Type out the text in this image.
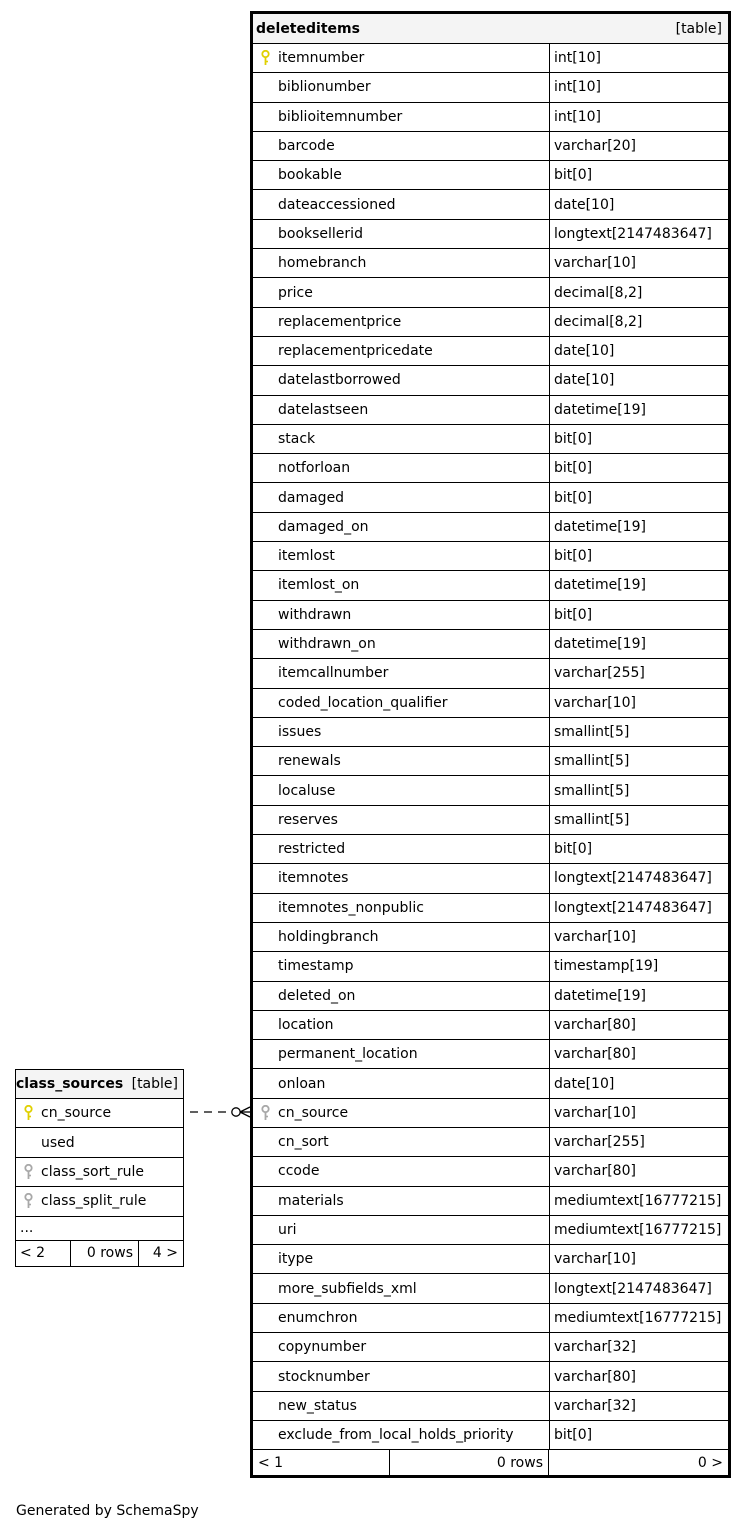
deleteditems	[table]
itemnumber	int[10]
biblionumber	int[10]
biblioitemnumber	int[10]
barcode	varchar[20]
bookable	bit[0]
dateaccessioned	date[10]
booksellerid	longtext[2147483647]
homebranch	varchar[10]
price	decimal[8,2]
replacementprice	decimal[8,2]
replacementpricedate	date[10]
datelastborrowed	date[10]
datelastseen	datetime[19]
stack	bit[0]
notforloan	bit[0]
damaged	bit[0]
damaged_on	datetime[19]
itemlost	bit[0]
itemlost_on	datetime[19]
withdrawn	bit[0]
withdrawn_on	datetime[19]
itemcallnumber	varchar[255]
coded_location_qualifier	varchar[10]
issues	smallint[5]
renewals	smallint[5]
localuse	smallint[5]
reserves	smallint[5]
restricted	bit[0]
itemnotes	longtext[2147483647]
itemnotes_nonpublic	longtext[2147483647]
holdingbranch	varchar[10]
timestamp	timestamp[19]
deleted_on	datetime[19]
location	varchar[80]
permanent_location	varchar[80]
onloan	date[10]
cn_source	varchar[10]
cn_sort	varchar[255]
ccode	varchar[80]
materials	mediumtext[16777215]
uri	mediumtext[16777215]
itype	varchar[10]
more_subfields_xml	longtext[2147483647]
enumchron	mediumtext[16777215]
copynumber	varchar[32]
stocknumber	varchar[80]
new_status	varchar[32]
exclude_from_local_holds_priority	bit[0]
< 1	0 rows	0 >
class_sources [table]
cn_source
used
class_sort_rule
class_split_rule
...
< 2	0 rows	4 >
Generated by SchemaSpy
